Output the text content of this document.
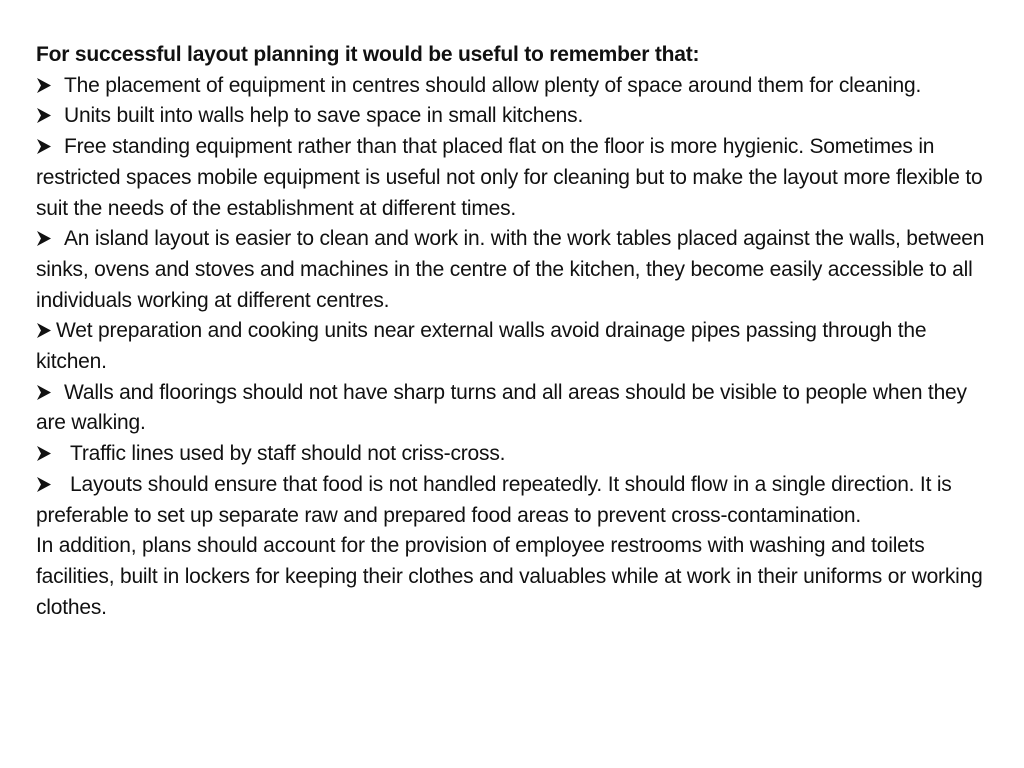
For successful layout planning it would be useful to remember that:

The placement of equipment in centres should allow plenty of space around them for cleaning.

Units built into walls help to save space in small kitchens.

Free standing equipment rather than that placed flat on the floor is more hygienic. Sometimes in restricted spaces mobile equipment is useful not only for cleaning but to make the layout more flexible to suit the needs of the establishment at different times.

An island layout is easier to clean and work in. with the work tables placed against the walls, between sinks, ovens and stoves and machines in the centre of the kitchen, they become easily accessible to all individuals working at different centres.

Wet preparation and cooking units near external walls avoid drainage pipes passing through the kitchen.

Walls and floorings should not have sharp turns and all areas should be visible to people when they are walking.

Traffic lines used by staff should not criss-cross.

Layouts should ensure that food is not handled repeatedly. It should flow in a single direction. It is preferable to set up separate raw and prepared food areas to prevent cross-contamination.

In addition, plans should account for the provision of employee restrooms with washing and toilets facilities, built in lockers for keeping their clothes and valuables while at work in their uniforms or working clothes.
